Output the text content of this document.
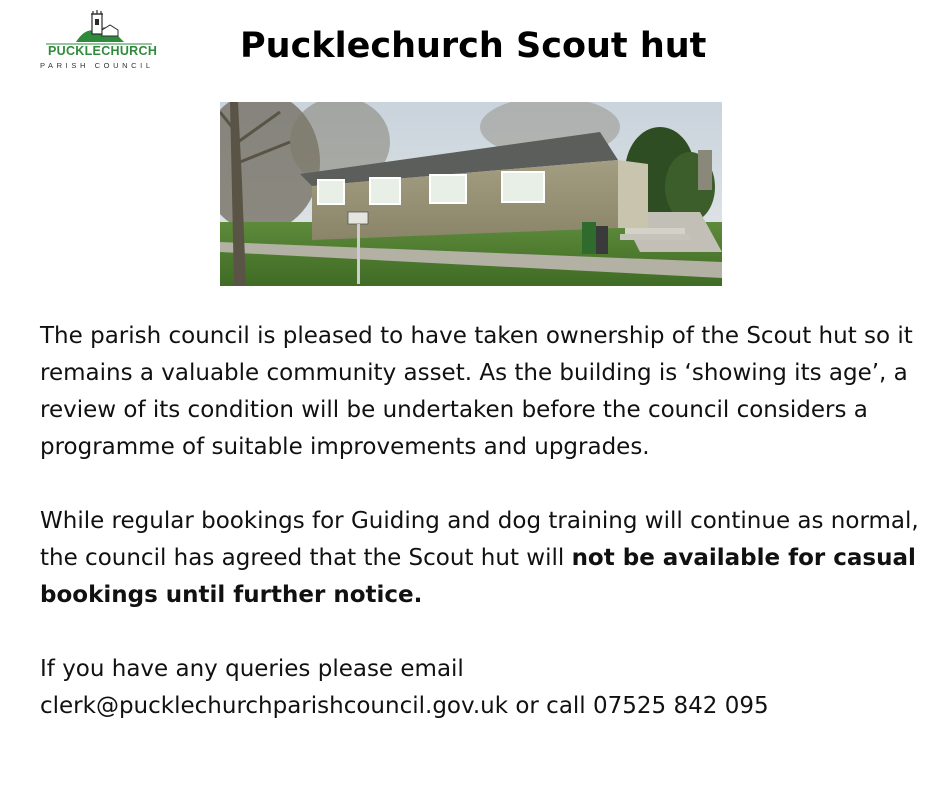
PUCKLECHURCH
PARISH COUNCIL	Pucklechurch Scout hut

The parish council is pleased to have taken ownership of the Scout hut so it remains a valuable community asset. As the building is ‘showing its age’, a review of its condition will be undertaken before the council considers a programme of suitable improvements and upgrades.

While regular bookings for Guiding and dog training will continue as normal, the council has agreed that the Scout hut will not be available for casual bookings until further notice.

If you have any queries please email
clerk@pucklechurchparishcouncil.gov.uk or call 07525 842 095
